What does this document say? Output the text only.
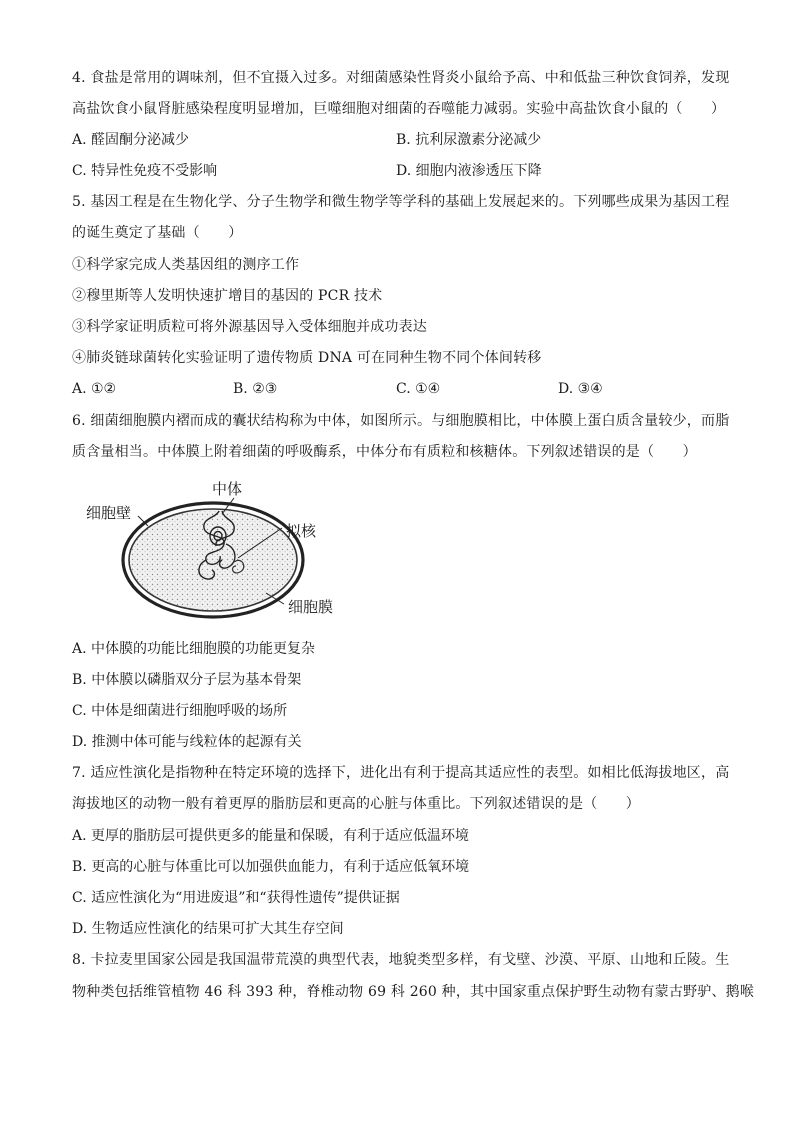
4. 食盐是常用的调味剂，但不宜摄入过多。对细菌感染性肾炎小鼠给予高、中和低盐三种饮食饲养，发现
高盐饮食小鼠肾脏感染程度明显增加，巨噬细胞对细菌的吞噬能力减弱。实验中高盐饮食小鼠的（　　）
A. 醛固酮分泌减少	B. 抗利尿激素分泌减少
C. 特异性免疫不受影响	D. 细胞内液渗透压下降
5. 基因工程是在生物化学、分子生物学和微生物学等学科的基础上发展起来的。下列哪些成果为基因工程
的诞生奠定了基础（　　）
①科学家完成人类基因组的测序工作
②穆里斯等人发明快速扩增目的基因的 PCR 技术
③科学家证明质粒可将外源基因导入受体细胞并成功表达
④肺炎链球菌转化实验证明了遗传物质 DNA 可在同种生物不同个体间转移
A. ①②	B. ②③	C. ①④	D. ③④
6. 细菌细胞膜内褶而成的囊状结构称为中体，如图所示。与细胞膜相比，中体膜上蛋白质含量较少，而脂
质含量相当。中体膜上附着细菌的呼吸酶系，中体分布有质粒和核糖体。下列叙述错误的是（　　）
中体
细胞壁
拟核
细胞膜
A. 中体膜的功能比细胞膜的功能更复杂
B. 中体膜以磷脂双分子层为基本骨架
C. 中体是细菌进行细胞呼吸的场所
D. 推测中体可能与线粒体的起源有关
7. 适应性演化是指物种在特定环境的选择下，进化出有利于提高其适应性的表型。如相比低海拔地区，高
海拔地区的动物一般有着更厚的脂肪层和更高的心脏与体重比。下列叙述错误的是（　　）
A. 更厚的脂肪层可提供更多的能量和保暖，有利于适应低温环境
B. 更高的心脏与体重比可以加强供血能力，有利于适应低氧环境
C. 适应性演化为“用进废退”和“获得性遗传”提供证据
D. 生物适应性演化的结果可扩大其生存空间
8. 卡拉麦里国家公园是我国温带荒漠的典型代表，地貌类型多样，有戈壁、沙漠、平原、山地和丘陵。生
物种类包括维管植物 46 科 393 种，脊椎动物 69 科 260 种，其中国家重点保护野生动物有蒙古野驴、鹅喉
